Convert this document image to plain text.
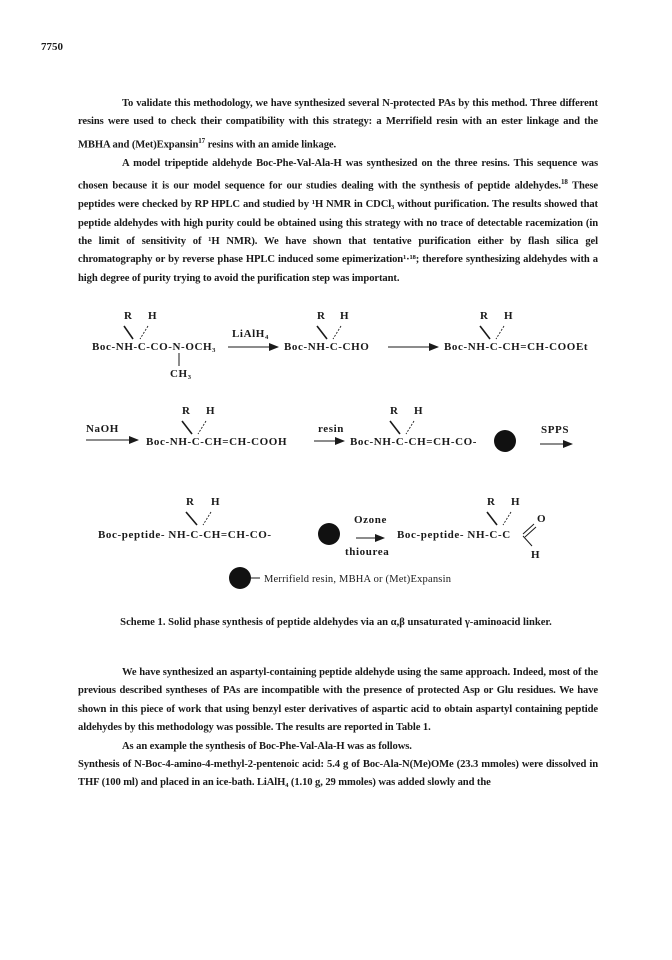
7750

To validate this methodology, we have synthesized several N-protected PAs by this method. Three different resins were used to check their compatibility with this strategy: a Merrifield resin with an ester linkage and the MBHA and (Met)Expansin$^{17}$ resins with an amide linkage.

A model tripeptide aldehyde Boc-Phe-Val-Ala-H was synthesized on the three resins. This sequence was chosen because it is our model sequence for our studies dealing with the synthesis of peptide aldehydes.$^{18}$ These peptides were checked by RP HPLC and studied by ¹H NMR in CDCl₃ without purification. The results showed that peptide aldehydes with high purity could be obtained using this strategy with no trace of detectable racemization (in the limit of sensitivity of ¹H NMR). We have shown that tentative purification either by flash silica gel chromatography or by reverse phase HPLC induced some epimerization¹·¹⁸; therefore synthesizing aldehydes with a high degree of purity trying to avoid the purification step was important.

R H
Boc-NH-C-CO-N-OCH₃
CH₃
LiAlH₄
R H
Boc-NH-C-CHO
R H
Boc-NH-C-CH=CH-COOEt
NaOH
R H
Boc-NH-C-CH=CH-COOH
resin
R H
Boc-NH-C-CH=CH-CO-
SPPS
R H
Boc-peptide- NH-C-CH=CH-CO-
Ozone
thiourea
R H
Boc-peptide- NH-C-C
O
H
Merrifield resin, MBHA or (Met)Expansin
Scheme 1. Solid phase synthesis of peptide aldehydes via an α,β unsaturated γ-aminoacid linker.

We have synthesized an aspartyl-containing peptide aldehyde using the same approach. Indeed, most of the previous described syntheses of PAs are incompatible with the presence of protected Asp or Glu residues. We have shown in this piece of work that using benzyl ester derivatives of aspartic acid to obtain aspartyl containing peptide aldehydes by this methodology was possible. The results are reported in Table 1.

As an example the synthesis of Boc-Phe-Val-Ala-H was as follows.

Synthesis of N-Boc-4-amino-4-methyl-2-pentenoic acid: 5.4 g of Boc-Ala-N(Me)OMe (23.3 mmoles) were dissolved in THF (100 ml) and placed in an ice-bath. LiAlH₄ (1.10 g, 29 mmoles) was added slowly and the
